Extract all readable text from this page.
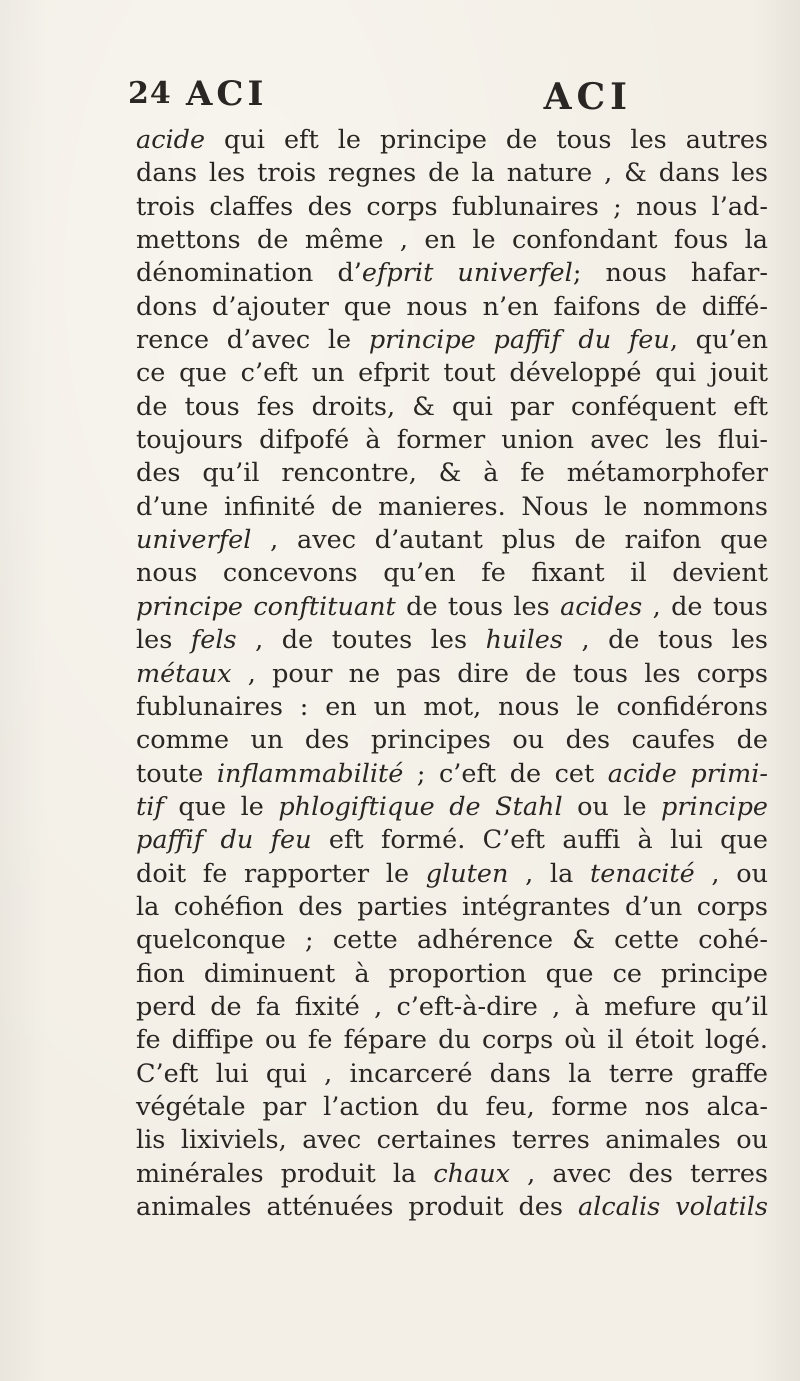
24 ACI	ACI
acide qui eft le principe de tous les autres
dans les trois regnes de la nature , & dans les
trois claffes des corps fublunaires ; nous l’ad-
mettons de même , en le confondant fous la
dénomination d’efprit univerfel; nous hafar-
dons d’ajouter que nous n’en faifons de diffé-
rence d’avec le principe paffif du feu, qu’en
ce que c’eft un efprit tout développé qui jouit
de tous fes droits, & qui par conféquent eft
toujours difpofé à former union avec les flui-
des qu’il rencontre, & à fe métamorphofer
d’une infinité de manieres. Nous le nommons
univerfel , avec d’autant plus de raifon que
nous concevons qu’en fe fixant il devient
principe conftituant de tous les acides , de tous
les fels , de toutes les huiles , de tous les
métaux , pour ne pas dire de tous les corps
fublunaires : en un mot, nous le confidérons
comme un des principes ou des caufes de
toute inflammabilité ; c’eft de cet acide primi-
tif que le phlogiftique de Stahl ou le principe
paffif du feu eft formé. C’eft auffi à lui que
doit fe rapporter le gluten , la tenacité , ou
la cohéfion des parties intégrantes d’un corps
quelconque ; cette adhérence & cette cohé-
fion diminuent à proportion que ce principe
perd de fa fixité , c’eft-à-dire , à mefure qu’il
fe diffipe ou fe fépare du corps où il étoit logé.
C’eft lui qui , incarceré dans la terre graffe
végétale par l’action du feu, forme nos alca-
lis lixiviels, avec certaines terres animales ou
minérales produit la chaux , avec des terres
animales atténuées produit des alcalis volatils
